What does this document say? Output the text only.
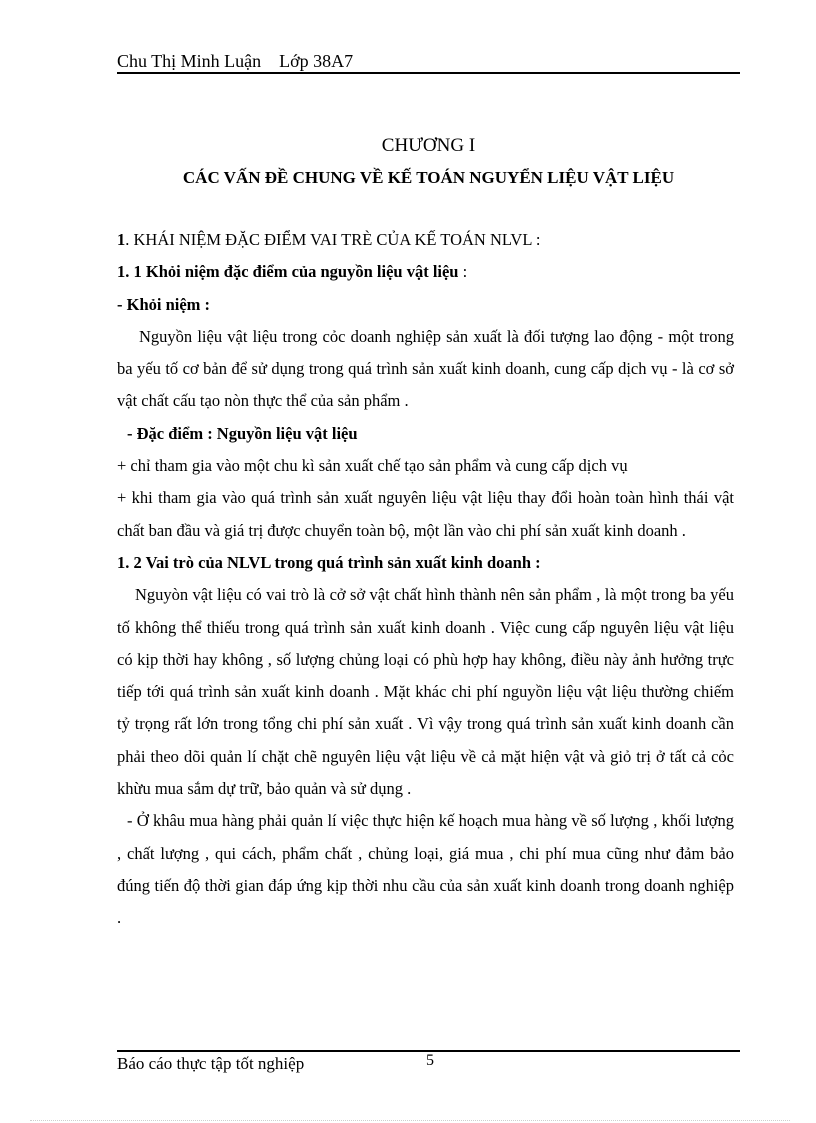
Chu Thị Minh Luận Lớp 38A7
CHƯƠNG I
CÁC VẤN ĐỀ CHUNG VỀ KẾ TOÁN NGUYỂN LIỆU VẬT LIỆU

1. KHÁI NIỆM ĐẶC ĐIỂM VAI TRÈ CỦA KẾ TOÁN NLVL :

1. 1 Khỏi niệm đặc điểm của nguyồn liệu vật liệu :

- Khỏi niệm :

Nguyồn liệu vật liệu trong cỏc doanh nghiệp sản xuất là đối tượng lao động - một trong ba yếu tố cơ bản để sử dụng trong quá trình sản xuất kinh doanh, cung cấp dịch vụ - là cơ sở vật chất cấu tạo nòn thực thể của sản phẩm .

- Đặc điểm : Nguyồn liệu vật liệu

+ chỉ tham gia vào một chu kì sản xuất chế tạo sản phẩm và cung cấp dịch vụ

+ khi tham gia vào quá trình sản xuất nguyên liệu vật liệu thay đổi hoàn toàn hình thái vật chất ban đầu và giá trị được chuyển toàn bộ, một lần vào chi phí sản xuất kinh doanh .

1. 2 Vai trò của NLVL trong quá trình sản xuất kinh doanh :

Nguyòn vật liệu có vai trò là cở sở vật chất hình thành nên sản phẩm , là một trong ba yếu tố không thể thiếu trong quá trình sản xuất kinh doanh . Việc cung cấp nguyên liệu vật liệu có kịp thời hay không , số lượng chủng loại có phù hợp hay không, điều này ảnh hưởng trực tiếp tới quá trình sản xuất kinh doanh . Mặt khác chi phí nguyồn liệu vật liệu thường chiếm tỷ trọng rất lớn trong tổng chi phí sản xuất . Vì vậy trong quá trình sản xuất kinh doanh cần phải theo dõi quản lí chặt chẽ nguyên liệu vật liệu về cả mặt hiện vật và giỏ trị ở tất cả cỏc khừu mua sắm dự trữ, bảo quản và sử dụng .

- Ở khâu mua hàng phải quản lí việc thực hiện kế hoạch mua hàng về số lượng , khối lượng , chất lượng , qui cách, phẩm chất , chủng loại, giá mua , chi phí mua cũng như đảm bảo đúng tiến độ thời gian đáp ứng kịp thời nhu cầu của sản xuất kinh doanh trong doanh nghiệp .

Báo cáo thực tập tốt nghiệp	5
